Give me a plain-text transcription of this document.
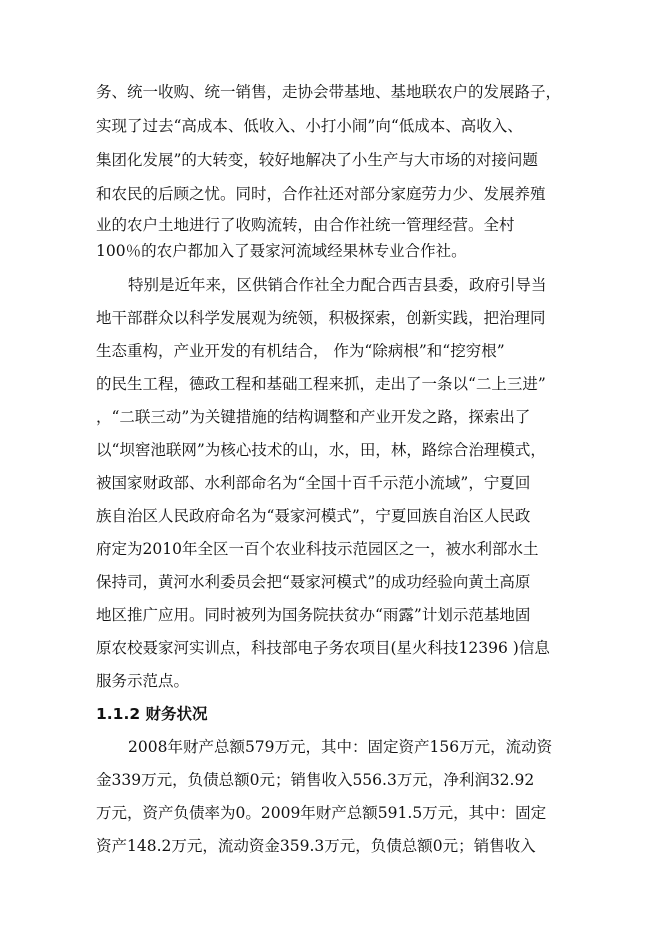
务、统一收购、统一销售，走协会带基地、基地联农户的发展路子，
实现了过去“高成本、低收入、小打小闹”向“低成本、高收入、
集团化发展”的大转变，较好地解决了小生产与大市场的对接问题
和农民的后顾之忧。同时，合作社还对部分家庭劳力少、发展养殖
业的农户土地进行了收购流转，由合作社统一管理经营。全村
100％的农户都加入了聂家河流域经果林专业合作社。
特别是近年来，区供销合作社全力配合西吉县委，政府引导当
地干部群众以科学发展观为统领，积极探索，创新实践，把治理同
生态重构，产业开发的有机结合， 作为“除病根”和“挖穷根”
的民生工程，德政工程和基础工程来抓，走出了一条以“二上三进”
，“二联三动”为关键措施的结构调整和产业开发之路，探索出了
以“坝窖池联网”为核心技术的山，水，田，林，路综合治理模式，
被国家财政部、水利部命名为“全国十百千示范小流域”，宁夏回
族自治区人民政府命名为“聂家河模式”，宁夏回族自治区人民政
府定为2010年全区一百个农业科技示范园区之一，被水利部水土
保持司，黄河水利委员会把“聂家河模式”的成功经验向黄土高原
地区推广应用。同时被列为国务院扶贫办“雨露”计划示范基地固
原农校聂家河实训点，科技部电子务农项目(星火科技12396 )信息
服务示范点。
1.1.2 财务状况
2008年财产总额579万元，其中：固定资产156万元，流动资
金339万元，负债总额0元；销售收入556.3万元，净利润32.92
万元，资产负债率为0。2009年财产总额591.5万元，其中：固定
资产148.2万元，流动资金359.3万元，负债总额0元；销售收入
